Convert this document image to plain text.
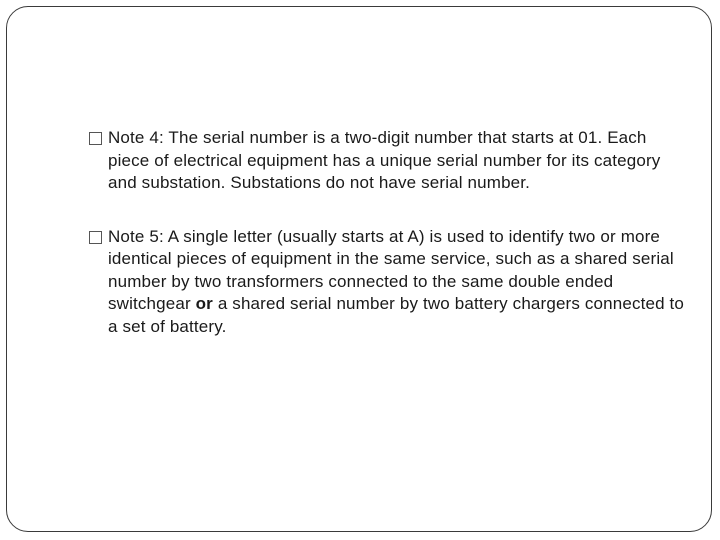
Note 4: The serial number is a two-digit number that starts at 01. Each piece of electrical equipment has a unique serial number for its category and substation. Substations do not have serial number.
Note 5: A single letter (usually starts at A) is used to identify two or more identical pieces of equipment in the same service, such as a shared serial number by two transformers connected to the same double ended switchgear or a shared serial number by two battery chargers connected to a set of battery.
